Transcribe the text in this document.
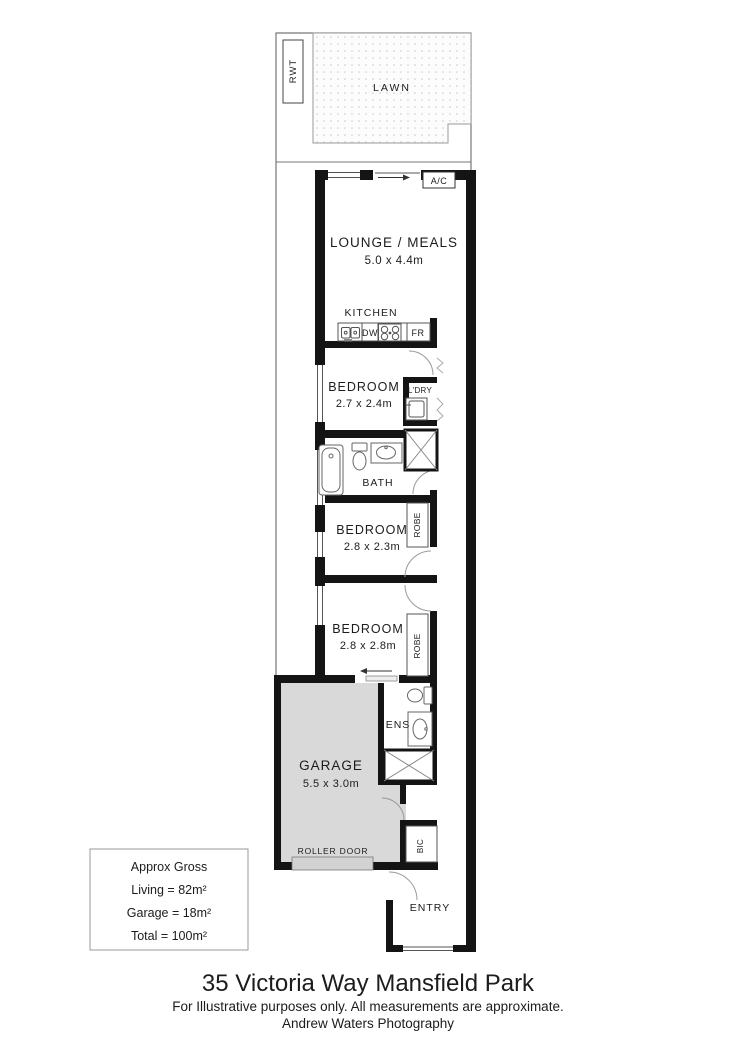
LAWN
RWT
A/C
LOUNGE / MEALS
5.0 x 4.4m
KITCHEN
DW	FR
BEDROOM
2.7 x 2.4m
L'DRY
BATH
BEDROOM
2.8 x 2.3m
ROBE
BEDROOM
2.8 x 2.8m ROBE
GARAGE
5.5 x 3.0m
ENS
ROLLER DOOR	BIC
ENTRY
Approx Gross
Living = 82m²
Garage = 18m²
Total = 100m²
35 Victoria Way Mansfield Park
For Illustrative purposes only. All measurements are approximate.
Andrew Waters Photography
